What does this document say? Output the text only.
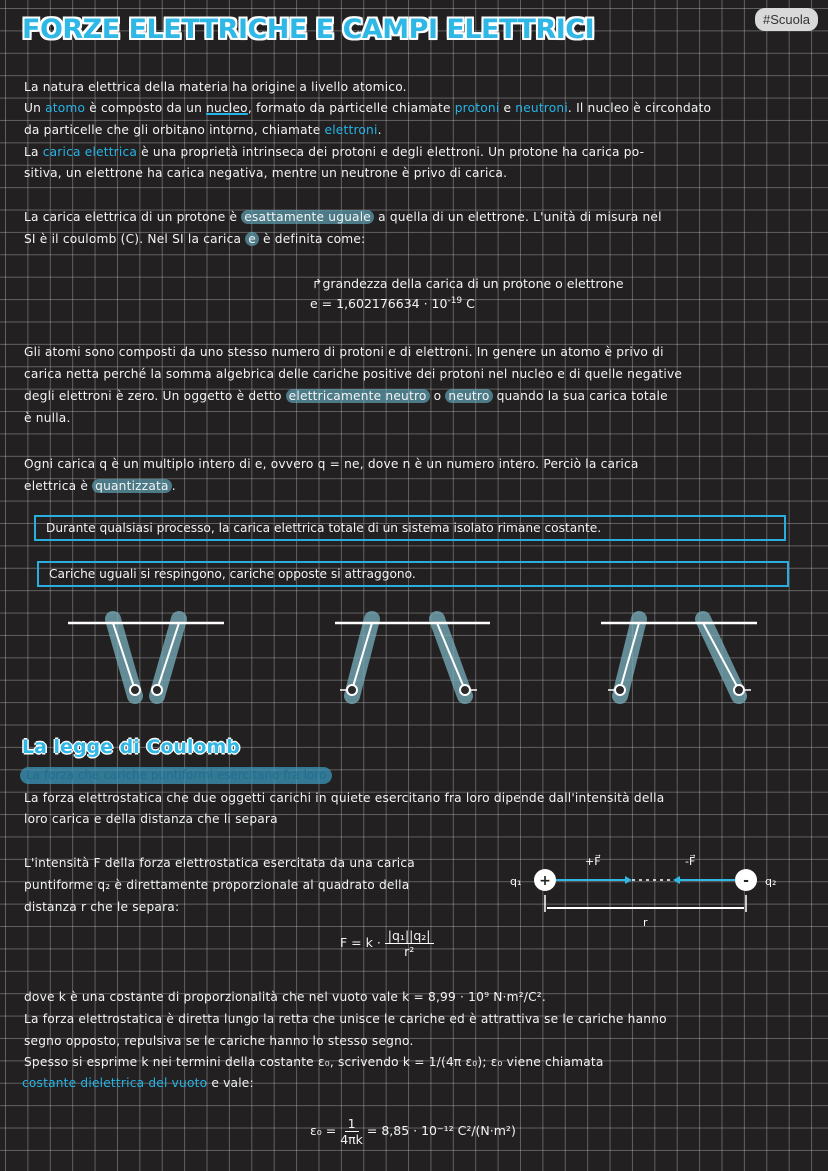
FORZE ELETTRICHE E CAMPI ELETTRICI	#Scuola
La natura elettrica della materia ha origine a livello atomico.
Un atomo è composto da un nucleo, formato da particelle chiamate protoni e neutroni. Il nucleo è circondato
da particelle che gli orbitano intorno, chiamate elettroni.
La carica elettrica è una proprietà intrinseca dei protoni e degli elettroni. Un protone ha carica po-
sitiva, un elettrone ha carica negativa, mentre un neutrone è privo di carica.
La carica elettrica di un protone è esattamente uguale a quella di un elettrone. L'unità di misura nel
SI è il coulomb (C). Nel SI la carica e è definita come:
↱grandezza della carica di un protone o elettrone
$e = 1,602176634 \cdot 10^{-19}$ C
Gli atomi sono composti da uno stesso numero di protoni e di elettroni. In genere un atomo è privo di
carica netta perché la somma algebrica delle cariche positive dei protoni nel nucleo e di quelle negative
degli elettroni è zero. Un oggetto è detto elettricamente neutro o neutro quando la sua carica totale
è nulla.
Ogni carica q è un multiplo intero di e, ovvero q = ne, dove n è un numero intero. Perciò la carica
elettrica è quantizzata .
Durante qualsiasi processo, la carica elettrica totale di un sistema isolato rimane costante.
Cariche uguali si respingono, cariche opposte si attraggono.
La legge di Coulomb
La forza che cariche puntiformi esercitano fra loro
La forza elettrostatica che due oggetti carichi in quiete esercitano fra loro dipende dall'intensità della
loro carica e della distanza che li separa
L'intensità F della forza elettrostatica esercitata da una carica
puntiforme q₂ è direttamente proporzionale al quadrato della
distanza r che le separa:
+	-
q₁	q₂
+F⃗	-F⃗
r
$F = k \cdot \frac{\text{|q₁||q₂|}}{\text{r²}}$
dove k è una costante di proporzionalità che nel vuoto vale k = 8,99 · 10⁹ N·m²/C².
La forza elettrostatica è diretta lungo la retta che unisce le cariche ed è attrattiva se le cariche hanno
segno opposto, repulsiva se le cariche hanno lo stesso segno.
Spesso si esprime k nei termini della costante ε₀, scrivendo k = 1/(4π ε₀); ε₀ viene chiamata
costante dielettrica del vuoto e vale:
$\varepsilon_0 = \frac{1}{4\pi k} = 8,85 \cdot 10^{-12}$ C²/(N·m²)
